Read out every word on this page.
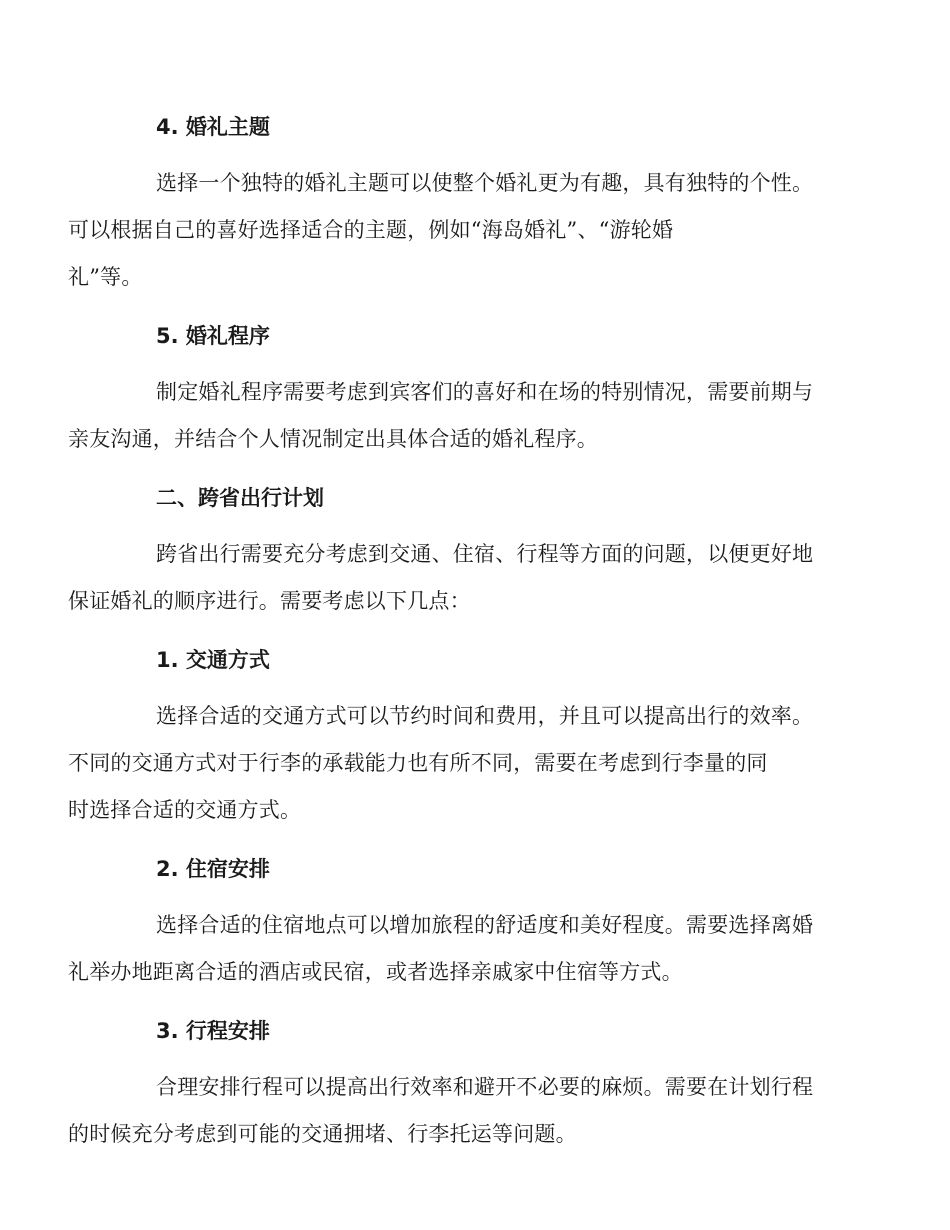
4. 婚礼主题

选择一个独特的婚礼主题可以使整个婚礼更为有趣，具有独特的个性。
可以根据自己的喜好选择适合的主题，例如“海岛婚礼”、“游轮婚
礼”等。

5. 婚礼程序

制定婚礼程序需要考虑到宾客们的喜好和在场的特别情况，需要前期与
亲友沟通，并结合个人情况制定出具体合适的婚礼程序。

二、跨省出行计划

跨省出行需要充分考虑到交通、住宿、行程等方面的问题，以便更好地
保证婚礼的顺序进行。需要考虑以下几点：

1. 交通方式

选择合适的交通方式可以节约时间和费用，并且可以提高出行的效率。
不同的交通方式对于行李的承载能力也有所不同，需要在考虑到行李量的同
时选择合适的交通方式。

2. 住宿安排

选择合适的住宿地点可以增加旅程的舒适度和美好程度。需要选择离婚
礼举办地距离合适的酒店或民宿，或者选择亲戚家中住宿等方式。

3. 行程安排

合理安排行程可以提高出行效率和避开不必要的麻烦。需要在计划行程
的时候充分考虑到可能的交通拥堵、行李托运等问题。
